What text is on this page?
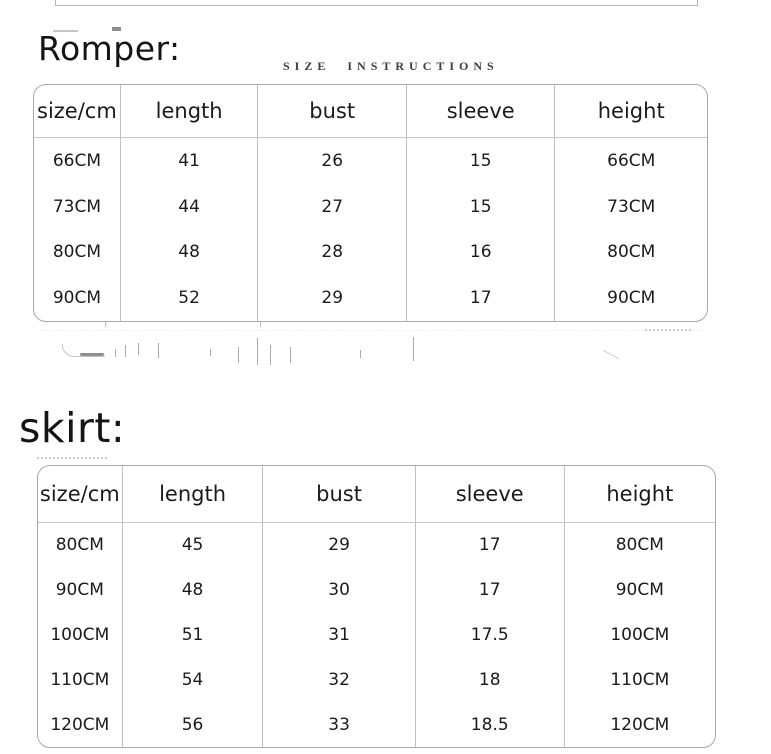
Romper:	SIZE INSTRUCTIONS
size/cm	length	bust	sleeve	height
66CM	41	26	15	66CM
73CM	44	27	15	73CM
80CM	48	28	16	80CM
90CM	52	29	17	90CM
skirt:
size/cm	length	bust	sleeve	height
80CM	45	29	17	80CM
90CM	48	30	17	90CM
100CM	51	31	17.5	100CM
110CM	54	32	18	110CM
120CM	56	33	18.5	120CM
